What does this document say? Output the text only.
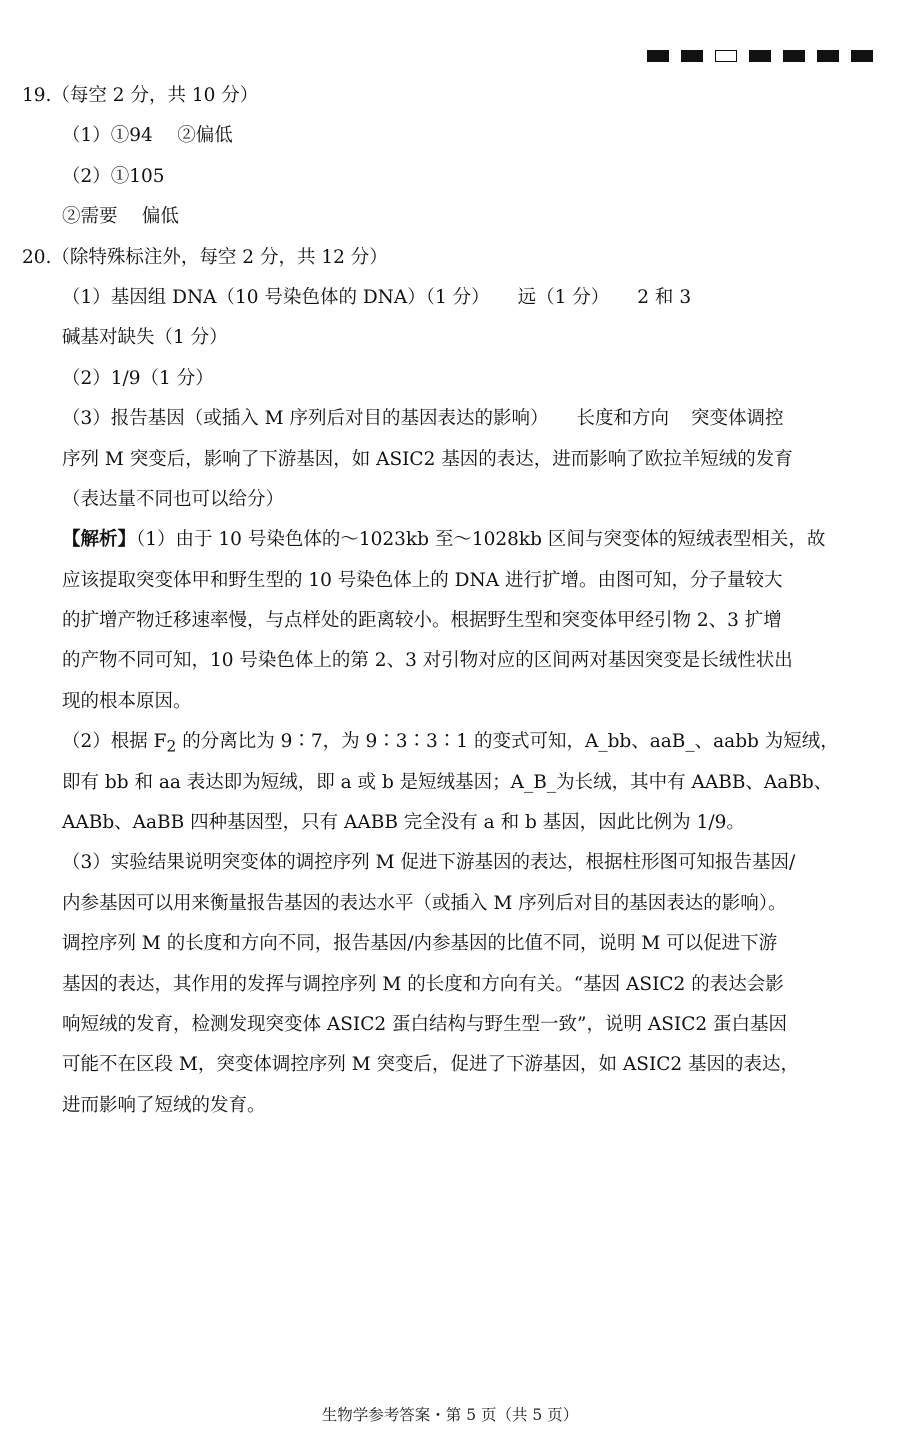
19.（每空 2 分，共 10 分）
（1）①94　 ②偏低
（2）①105
②需要　 偏低
20.（除特殊标注外，每空 2 分，共 12 分）
（1）基因组 DNA（10 号染色体的 DNA）（1 分） 远（1 分） 2 和 3
碱基对缺失（1 分）
（2）1/9（1 分）
（3）报告基因（或插入 M 序列后对目的基因表达的影响） 长度和方向 突变体调控
序列 M 突变后，影响了下游基因，如 ASIC2 基因的表达，进而影响了欧拉羊短绒的发育
（表达量不同也可以给分）
【解析】（1）由于 10 号染色体的～1023kb 至～1028kb 区间与突变体的短绒表型相关，故
应该提取突变体甲和野生型的 10 号染色体上的 DNA 进行扩增。由图可知，分子量较大
的扩增产物迁移速率慢，与点样处的距离较小。根据野生型和突变体甲经引物 2、3 扩增
的产物不同可知，10 号染色体上的第 2、3 对引物对应的区间两对基因突变是长绒性状出
现的根本原因。
（2）根据 $F_2$ 的分离比为 9∶7，为 9∶3∶3∶1 的变式可知，A_bb、aaB_、aabb 为短绒，
即有 bb 和 aa 表达即为短绒，即 a 或 b 是短绒基因；A_B_为长绒，其中有 AABB、AaBb、
AABb、AaBB 四种基因型，只有 AABB 完全没有 a 和 b 基因，因此比例为 1/9。
（3）实验结果说明突变体的调控序列 M 促进下游基因的表达，根据柱形图可知报告基因/
内参基因可以用来衡量报告基因的表达水平（或插入 M 序列后对目的基因表达的影响）。
调控序列 M 的长度和方向不同，报告基因/内参基因的比值不同，说明 M 可以促进下游
基因的表达，其作用的发挥与调控序列 M 的长度和方向有关。“基因 ASIC2 的表达会影
响短绒的发育，检测发现突变体 ASIC2 蛋白结构与野生型一致”，说明 ASIC2 蛋白基因
可能不在区段 M，突变体调控序列 M 突变后，促进了下游基因，如 ASIC2 基因的表达，
进而影响了短绒的发育。
生物学参考答案・第 5 页（共 5 页）
